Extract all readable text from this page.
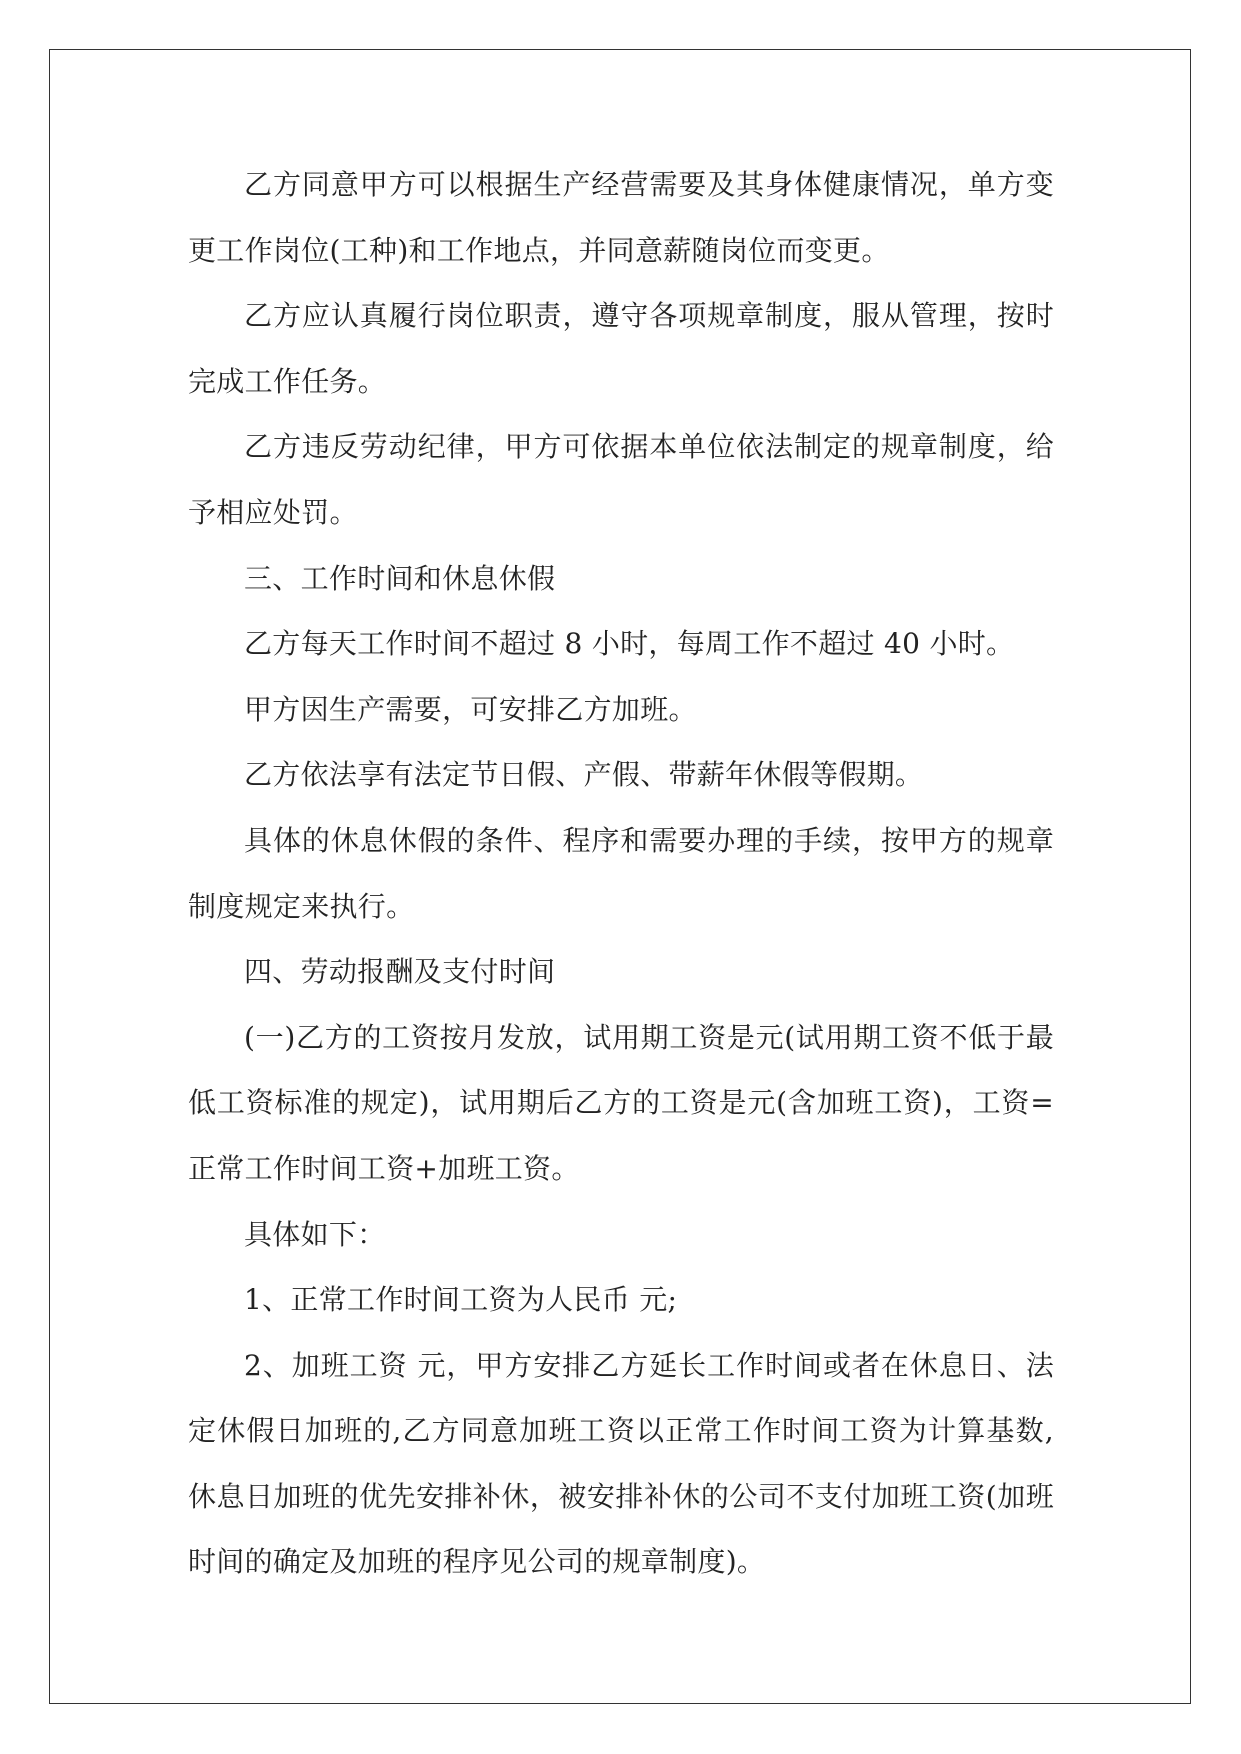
乙方同意甲方可以根据生产经营需要及其身体健康情况，单方变更工作岗位(工种)和工作地点，并同意薪随岗位而变更。

乙方应认真履行岗位职责，遵守各项规章制度，服从管理，按时完成工作任务。

乙方违反劳动纪律，甲方可依据本单位依法制定的规章制度，给予相应处罚。

三、工作时间和休息休假

乙方每天工作时间不超过 8 小时，每周工作不超过 40 小时。

甲方因生产需要，可安排乙方加班。

乙方依法享有法定节日假、产假、带薪年休假等假期。

具体的休息休假的条件、程序和需要办理的手续，按甲方的规章制度规定来执行。

四、劳动报酬及支付时间

(一)乙方的工资按月发放，试用期工资是元(试用期工资不低于最低工资标准的规定)，试用期后乙方的工资是元(含加班工资)，工资=正常工作时间工资+加班工资。

具体如下：

1、正常工作时间工资为人民币 元;

2、加班工资 元，甲方安排乙方延长工作时间或者在休息日、法定休假日加班的,乙方同意加班工资以正常工作时间工资为计算基数,休息日加班的优先安排补休，被安排补休的公司不支付加班工资(加班时间的确定及加班的程序见公司的规章制度)。
